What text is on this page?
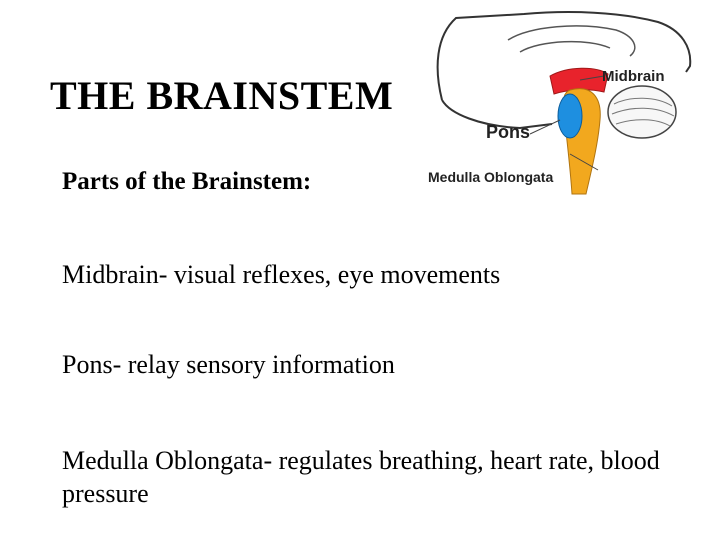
THE BRAINSTEM	Midbrain
Pons
Medulla Oblongata
Parts of the Brainstem:
Midbrain- visual reflexes, eye movements
Pons- relay sensory information
Medulla Oblongata- regulates breathing, heart rate, blood pressure
